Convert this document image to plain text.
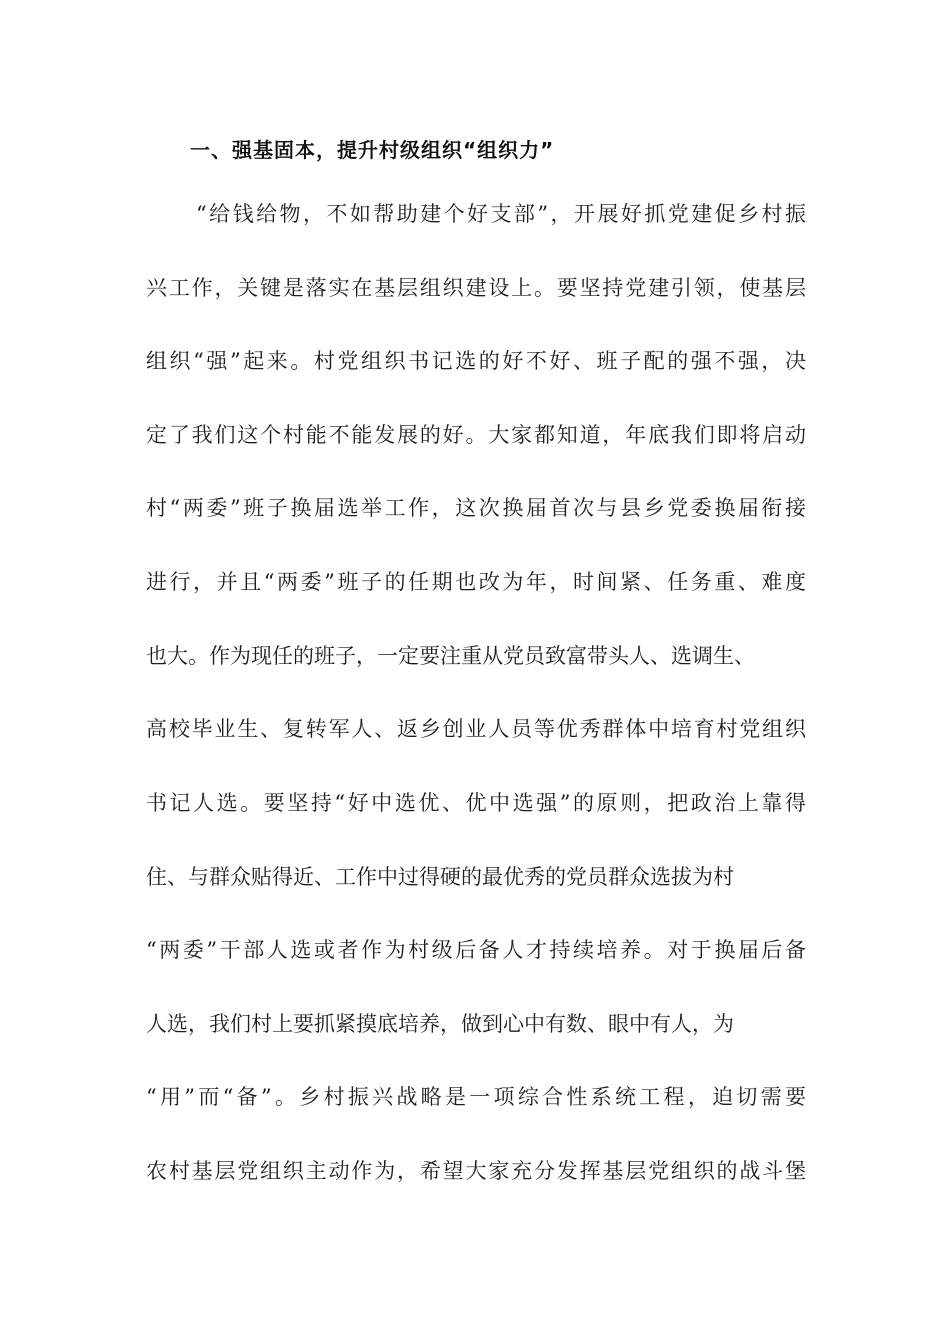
一、强基固本，提升村级组织“组织力”
“给钱给物，不如帮助建个好支部”，开展好抓党建促乡村振
兴工作，关键是落实在基层组织建设上。要坚持党建引领，使基层
组织“强”起来。村党组织书记选的好不好、班子配的强不强，决
定了我们这个村能不能发展的好。大家都知道，年底我们即将启动
村“两委”班子换届选举工作，这次换届首次与县乡党委换届衔接
进行，并且“两委”班子的任期也改为年，时间紧、任务重、难度
也大。作为现任的班子，一定要注重从党员致富带头人、选调生、
高校毕业生、复转军人、返乡创业人员等优秀群体中培育村党组织
书记人选。要坚持“好中选优、优中选强”的原则，把政治上靠得
住、与群众贴得近、工作中过得硬的最优秀的党员群众选拔为村
“两委”干部人选或者作为村级后备人才持续培养。对于换届后备
人选，我们村上要抓紧摸底培养，做到心中有数、眼中有人，为
“用”而“备”。乡村振兴战略是一项综合性系统工程，迫切需要
农村基层党组织主动作为，希望大家充分发挥基层党组织的战斗堡
